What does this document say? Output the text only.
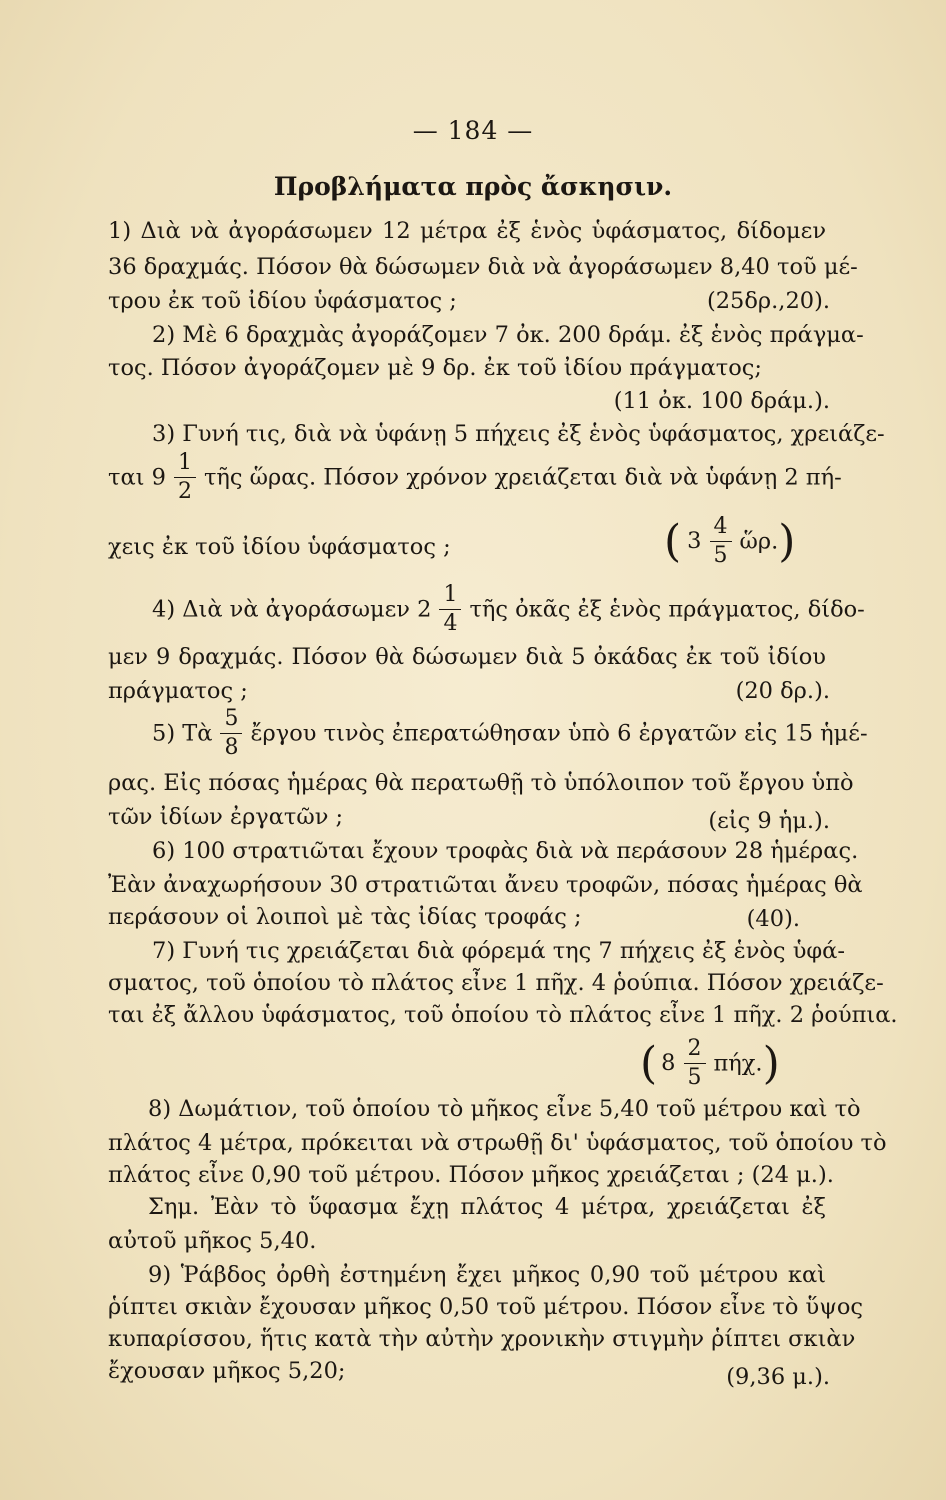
— 184 —
Προβλήματα πρὸς ἄσκησιν.
1) Διὰ νὰ ἀγοράσωμεν 12 μέτρα ἐξ ἑνὸς ὑφάσματος, δίδομεν
36 δραχμάς. Πόσον θὰ δώσωμεν διὰ νὰ ἀγοράσωμεν 8,40 τοῦ μέ-
τρου ἐκ τοῦ ἰδίου ὑφάσματος ;	(25δρ.,20).
2) Μὲ 6 δραχμὰς ἀγοράζομεν 7 ὀκ. 200 δράμ. ἐξ ἑνὸς πράγμα-
τος. Πόσον ἀγοράζομεν μὲ 9 δρ. ἐκ τοῦ ἰδίου πράγματος;
(11 ὀκ. 100 δράμ.).
3) Γυνή τις, διὰ νὰ ὑφάνῃ 5 πήχεις ἐξ ἑνὸς ὑφάσματος, χρειάζε-
ται $9 \frac{1}{2}$ τῆς ὥρας. Πόσον χρόνον χρειάζεται διὰ νὰ ὑφάνῃ 2 πή-
χεις ἐκ τοῦ ἰδίου ὑφάσματος ;	( $3 \frac{4}{5}$ ὥρ.)
4) Διὰ νὰ ἀγοράσωμεν $2 \frac{1}{4}$ τῆς ὀκᾶς ἐξ ἑνὸς πράγματος, δίδο-
μεν 9 δραχμάς. Πόσον θὰ δώσωμεν διὰ 5 ὀκάδας ἐκ τοῦ ἰδίου
πράγματος ;	(20 δρ.).
5) Τὰ $\frac{5}{8}$ ἔργου τινὸς ἐπερατώθησαν ὑπὸ 6 ἐργατῶν εἰς 15 ἡμέ-
ρας. Εἰς πόσας ἡμέρας θὰ περατωθῇ τὸ ὑπόλοιπον τοῦ ἔργου ὑπὸ
τῶν ἰδίων ἐργατῶν ;	(εἰς 9 ἡμ.).
6) 100 στρατιῶται ἔχουν τροφὰς διὰ νὰ περάσουν 28 ἡμέρας.
Ἐὰν ἀναχωρήσουν 30 στρατιῶται ἄνευ τροφῶν, πόσας ἡμέρας θὰ
περάσουν οἱ λοιποὶ μὲ τὰς ἰδίας τροφάς ;	(40).
7) Γυνή τις χρειάζεται διὰ φόρεμά της 7 πήχεις ἐξ ἑνὸς ὑφά-
σματος, τοῦ ὁποίου τὸ πλάτος εἶνε 1 πῆχ. 4 ῥούπια. Πόσον χρειάζε-
ται ἐξ ἄλλου ὑφάσματος, τοῦ ὁποίου τὸ πλάτος εἶνε 1 πῆχ. 2 ῥούπια.
( $8 \frac{2}{5} \pi ή\chi$.)
8) Δωμάτιον, τοῦ ὁποίου τὸ μῆκος εἶνε 5,40 τοῦ μέτρου καὶ τὸ
πλάτος 4 μέτρα, πρόκειται νὰ στρωθῇ δι' ὑφάσματος, τοῦ ὁποίου τὸ
πλάτος εἶνε 0,90 τοῦ μέτρου. Πόσον μῆκος χρειάζεται ; (24 μ.).
Σημ. Ἐὰν τὸ ὕφασμα ἔχῃ πλάτος 4 μέτρα, χρειάζεται ἐξ
αὐτοῦ μῆκος 5,40.
9) Ῥάβδος ὀρθὴ ἐστημένη ἔχει μῆκος 0,90 τοῦ μέτρου καὶ
ῥίπτει σκιὰν ἔχουσαν μῆκος 0,50 τοῦ μέτρου. Πόσον εἶνε τὸ ὕψος
κυπαρίσσου, ἥτις κατὰ τὴν αὐτὴν χρονικὴν στιγμὴν ῥίπτει σκιὰν
ἔχουσαν μῆκος 5,20;	(9,36 μ.).
